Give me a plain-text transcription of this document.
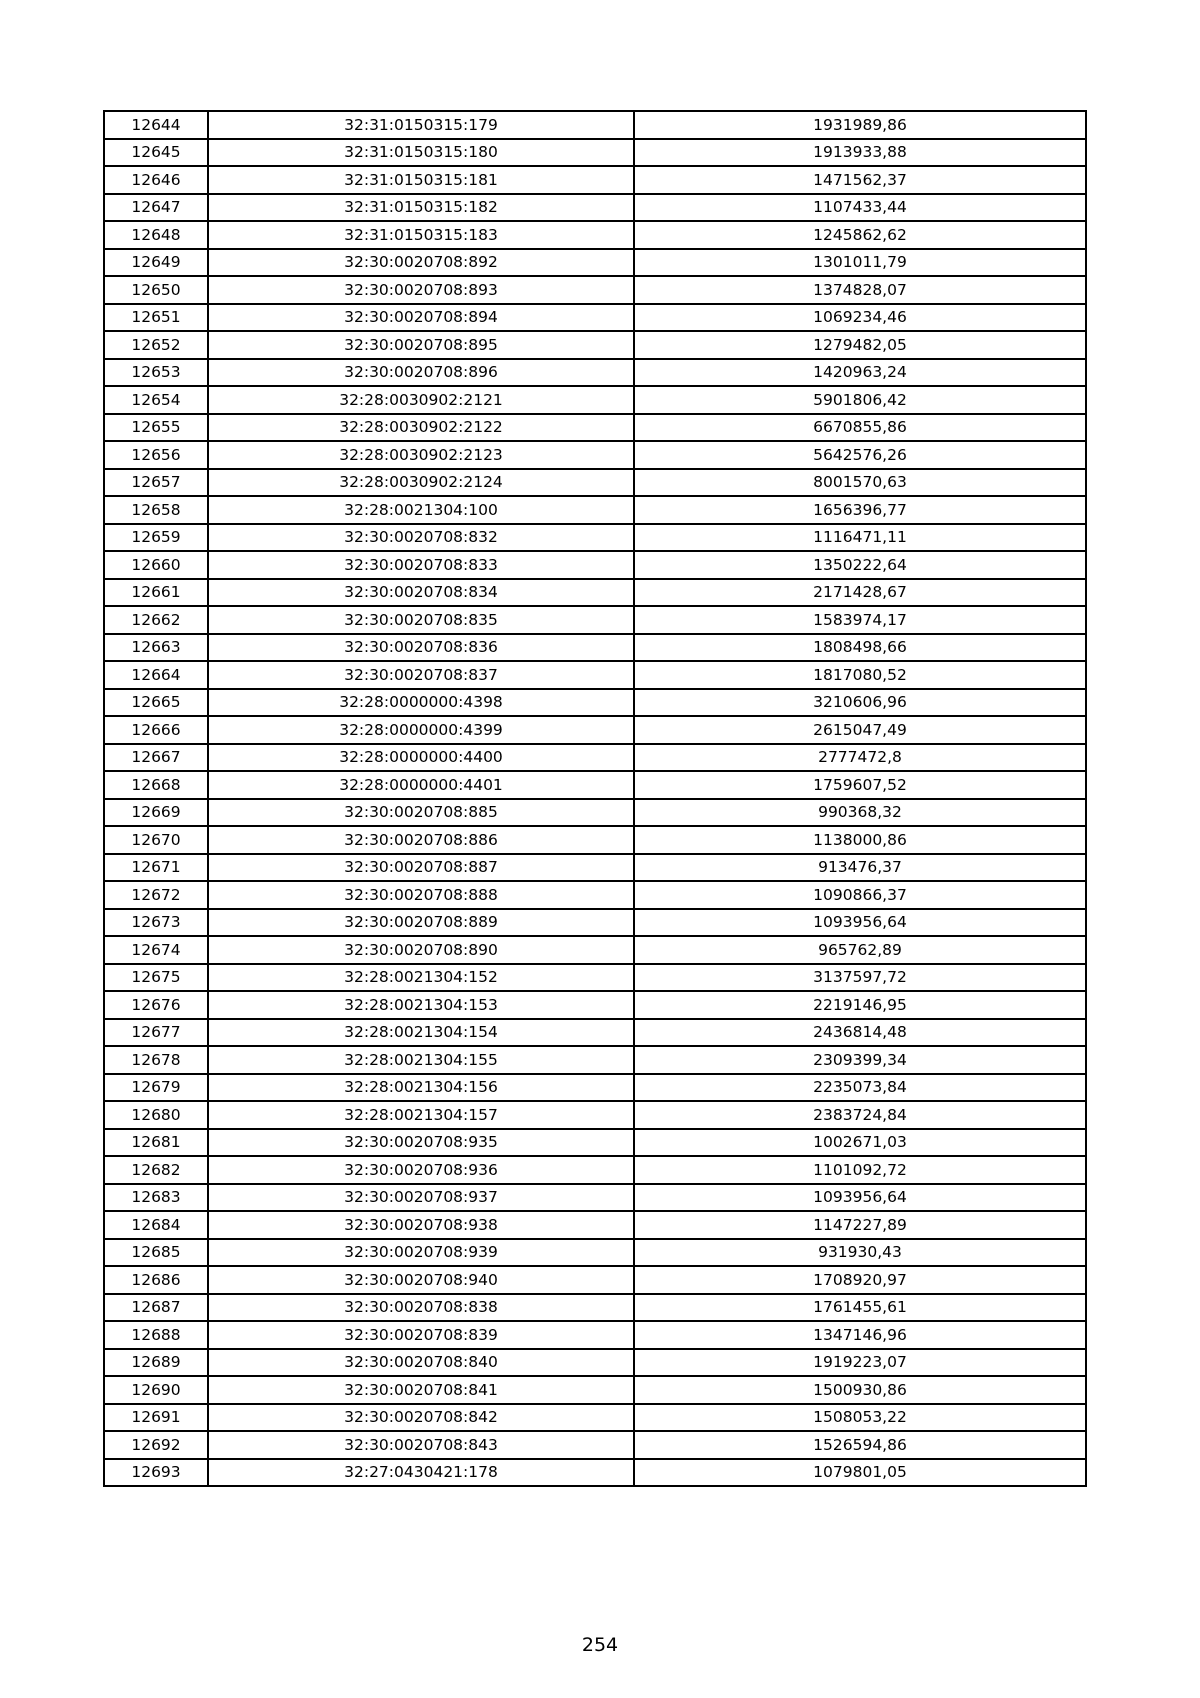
12644	32:31:0150315:179	1931989,86
12645	32:31:0150315:180	1913933,88
12646	32:31:0150315:181	1471562,37
12647	32:31:0150315:182	1107433,44
12648	32:31:0150315:183	1245862,62
12649	32:30:0020708:892	1301011,79
12650	32:30:0020708:893	1374828,07
12651	32:30:0020708:894	1069234,46
12652	32:30:0020708:895	1279482,05
12653	32:30:0020708:896	1420963,24
12654	32:28:0030902:2121	5901806,42
12655	32:28:0030902:2122	6670855,86
12656	32:28:0030902:2123	5642576,26
12657	32:28:0030902:2124	8001570,63
12658	32:28:0021304:100	1656396,77
12659	32:30:0020708:832	1116471,11
12660	32:30:0020708:833	1350222,64
12661	32:30:0020708:834	2171428,67
12662	32:30:0020708:835	1583974,17
12663	32:30:0020708:836	1808498,66
12664	32:30:0020708:837	1817080,52
12665	32:28:0000000:4398	3210606,96
12666	32:28:0000000:4399	2615047,49
12667	32:28:0000000:4400	2777472,8
12668	32:28:0000000:4401	1759607,52
12669	32:30:0020708:885	990368,32
12670	32:30:0020708:886	1138000,86
12671	32:30:0020708:887	913476,37
12672	32:30:0020708:888	1090866,37
12673	32:30:0020708:889	1093956,64
12674	32:30:0020708:890	965762,89
12675	32:28:0021304:152	3137597,72
12676	32:28:0021304:153	2219146,95
12677	32:28:0021304:154	2436814,48
12678	32:28:0021304:155	2309399,34
12679	32:28:0021304:156	2235073,84
12680	32:28:0021304:157	2383724,84
12681	32:30:0020708:935	1002671,03
12682	32:30:0020708:936	1101092,72
12683	32:30:0020708:937	1093956,64
12684	32:30:0020708:938	1147227,89
12685	32:30:0020708:939	931930,43
12686	32:30:0020708:940	1708920,97
12687	32:30:0020708:838	1761455,61
12688	32:30:0020708:839	1347146,96
12689	32:30:0020708:840	1919223,07
12690	32:30:0020708:841	1500930,86
12691	32:30:0020708:842	1508053,22
12692	32:30:0020708:843	1526594,86
12693	32:27:0430421:178	1079801,05
254
